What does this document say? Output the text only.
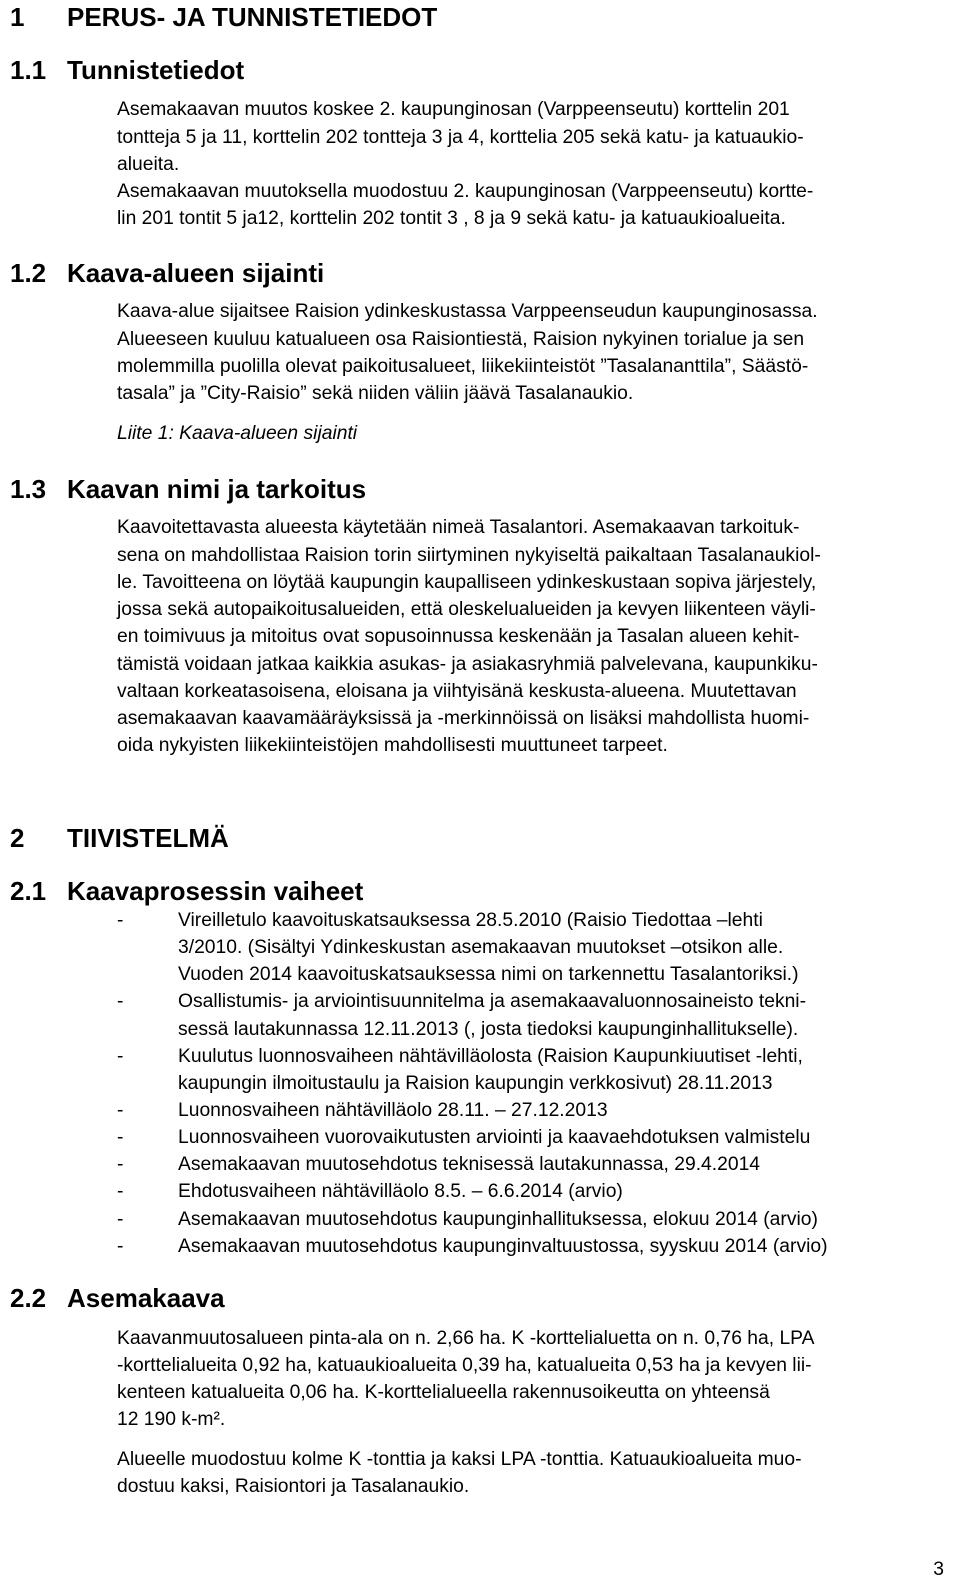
1 PERUS- JA TUNNISTETIEDOT
1.1 Tunnistetiedot
Asemakaavan muutos koskee 2. kaupunginosan (Varppeenseutu) korttelin 201
tontteja 5 ja 11, korttelin 202 tontteja 3 ja 4, korttelia 205 sekä katu- ja katuaukio-
alueita.
Asemakaavan muutoksella muodostuu 2. kaupunginosan (Varppeenseutu) kortte-
lin 201 tontit 5 ja12, korttelin 202 tontit 3 , 8 ja 9 sekä katu- ja katuaukioalueita.
1.2 Kaava-alueen sijainti
Kaava-alue sijaitsee Raision ydinkeskustassa Varppeenseudun kaupunginosassa.
Alueeseen kuuluu katualueen osa Raisiontiestä, Raision nykyinen torialue ja sen
molemmilla puolilla olevat paikoitusalueet, liikekiinteistöt ”Tasalananttila”, Säästö-
tasala” ja ”City-Raisio” sekä niiden väliin jäävä Tasalanaukio.
Liite 1: Kaava-alueen sijainti
1.3 Kaavan nimi ja tarkoitus
Kaavoitettavasta alueesta käytetään nimeä Tasalantori. Asemakaavan tarkoituk-
sena on mahdollistaa Raision torin siirtyminen nykyiseltä paikaltaan Tasalanaukiol-
le. Tavoitteena on löytää kaupungin kaupalliseen ydinkeskustaan sopiva järjestely,
jossa sekä autopaikoitusalueiden, että oleskelualueiden ja kevyen liikenteen väyli-
en toimivuus ja mitoitus ovat sopusoinnussa keskenään ja Tasalan alueen kehit-
tämistä voidaan jatkaa kaikkia asukas- ja asiakasryhmiä palvelevana, kaupunkiku-
valtaan korkeatasoisena, eloisana ja viihtyisänä keskusta-alueena. Muutettavan
asemakaavan kaavamääräyksissä ja -merkinnöissä on lisäksi mahdollista huomi-
oida nykyisten liikekiinteistöjen mahdollisesti muuttuneet tarpeet.
2 TIIVISTELMÄ
2.1 Kaavaprosessin vaiheet
-	Vireilletulo kaavoituskatsauksessa 28.5.2010 (Raisio Tiedottaa –lehti
3/2010. (Sisältyi Ydinkeskustan asemakaavan muutokset –otsikon alle.
Vuoden 2014 kaavoituskatsauksessa nimi on tarkennettu Tasalantoriksi.)
-	Osallistumis- ja arviointisuunnitelma ja asemakaavaluonnosaineisto tekni-
sessä lautakunnassa 12.11.2013 (, josta tiedoksi kaupunginhallitukselle).
-	Kuulutus luonnosvaiheen nähtävilläolosta (Raision Kaupunkiuutiset -lehti,
kaupungin ilmoitustaulu ja Raision kaupungin verkkosivut) 28.11.2013
-	Luonnosvaiheen nähtävilläolo 28.11. – 27.12.2013
-	Luonnosvaiheen vuorovaikutusten arviointi ja kaavaehdotuksen valmistelu
-	Asemakaavan muutosehdotus teknisessä lautakunnassa, 29.4.2014
-	Ehdotusvaiheen nähtävilläolo 8.5. – 6.6.2014 (arvio)
-	Asemakaavan muutosehdotus kaupunginhallituksessa, elokuu 2014 (arvio)
-	Asemakaavan muutosehdotus kaupunginvaltuustossa, syyskuu 2014 (arvio)
2.2 Asemakaava
Kaavanmuutosalueen pinta-ala on n. 2,66 ha. K -korttelialuetta on n. 0,76 ha, LPA
-korttelialueita 0,92 ha, katuaukioalueita 0,39 ha, katualueita 0,53 ha ja kevyen lii-
kenteen katualueita 0,06 ha. K-korttelialueella rakennusoikeutta on yhteensä
12 190 k-m².
Alueelle muodostuu kolme K -tonttia ja kaksi LPA -tonttia. Katuaukioalueita muo-
dostuu kaksi, Raisiontori ja Tasalanaukio.
3
